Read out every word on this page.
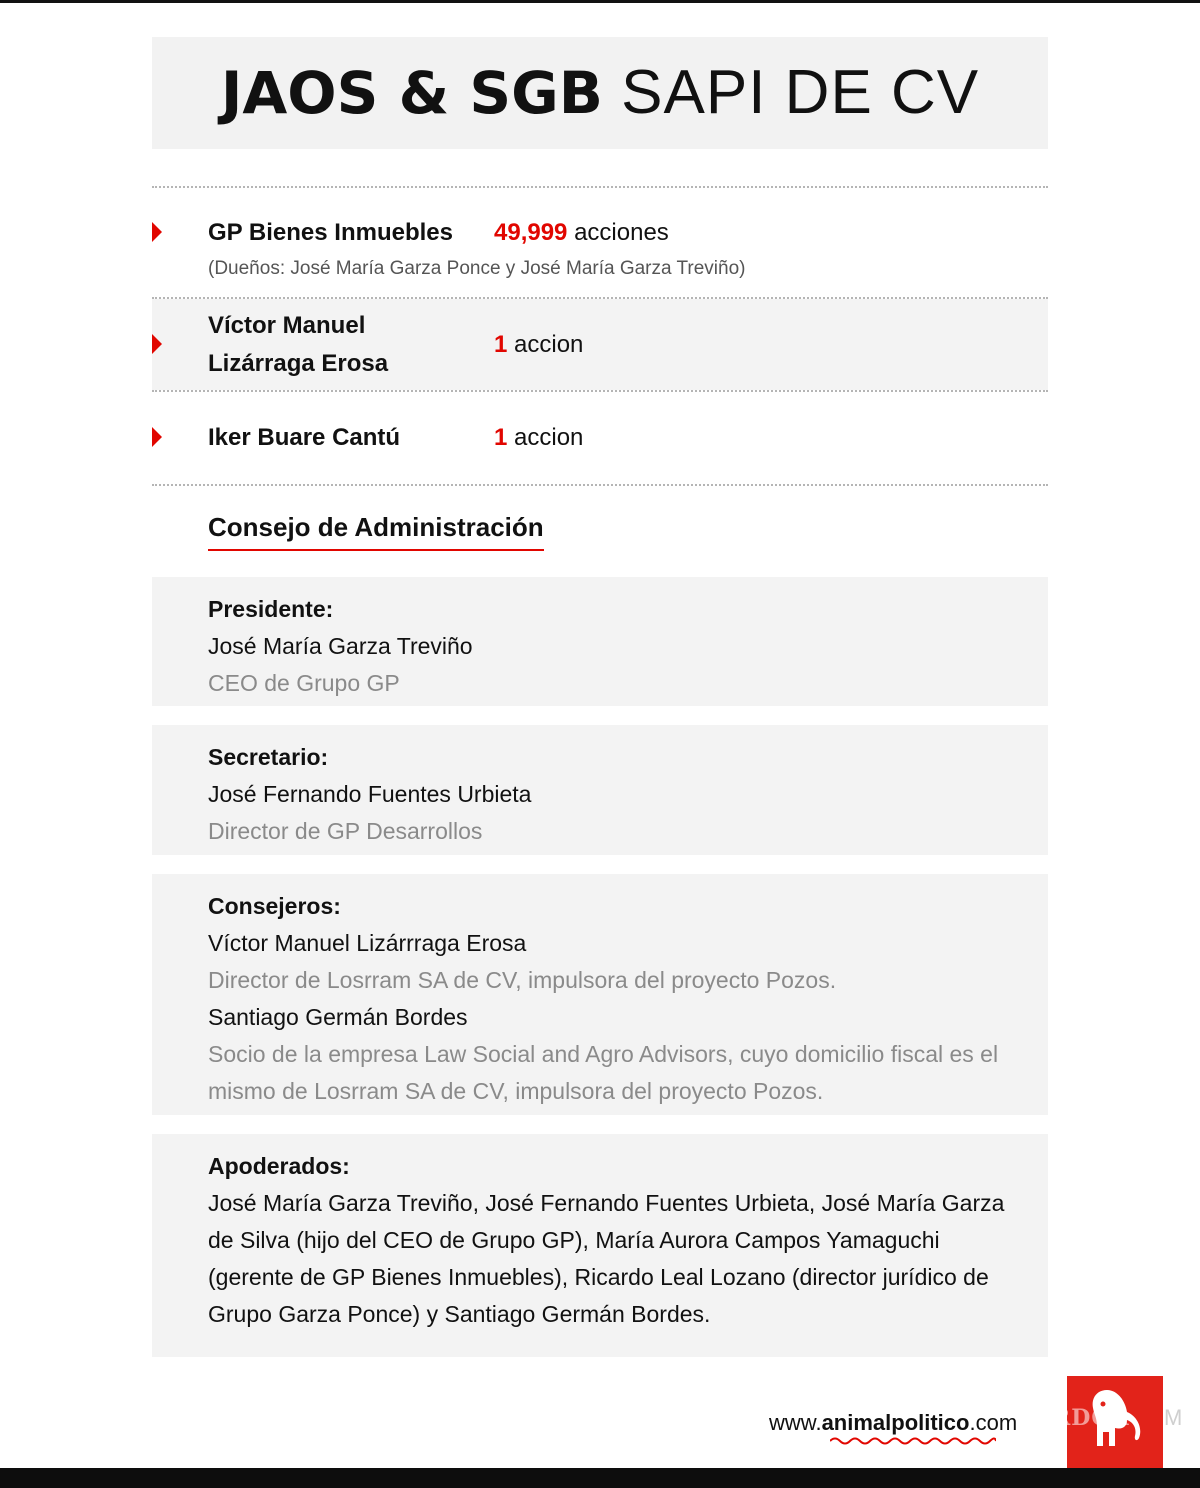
JAOS & SGB SAPI DE CV
GP Bienes Inmuebles 49,999 acciones
(Dueños: José María Garza Ponce y José María Garza Treviño)
Víctor Manuel
Lizárraga Erosa
1 accion
Iker Buare Cantú	1 accion
Consejo de Administración
Presidente:
José María Garza Treviño
CEO de Grupo GP
Secretario:
José Fernando Fuentes Urbieta
Director de GP Desarrollos
Consejeros:
Víctor Manuel Lizárrraga Erosa
Director de Losrram SA de CV, impulsora del proyecto Pozos.
Santiago Germán Bordes
Socio de la empresa Law Social and Agro Advisors, cuyo domicilio fiscal es el mismo de Losrram SA de CV, impulsora del proyecto Pozos.
Apoderados:
José María Garza Treviño, José Fernando Fuentes Urbieta, José María Garza de Silva (hijo del CEO de Grupo GP), María Aurora Campos Yamaguchi (gerente de GP Bienes Inmuebles), Ricardo Leal Lozano (director jurídico de Grupo Garza Ponce) y Santiago Germán Bordes.
www.animalpolitico.com RDOA M
